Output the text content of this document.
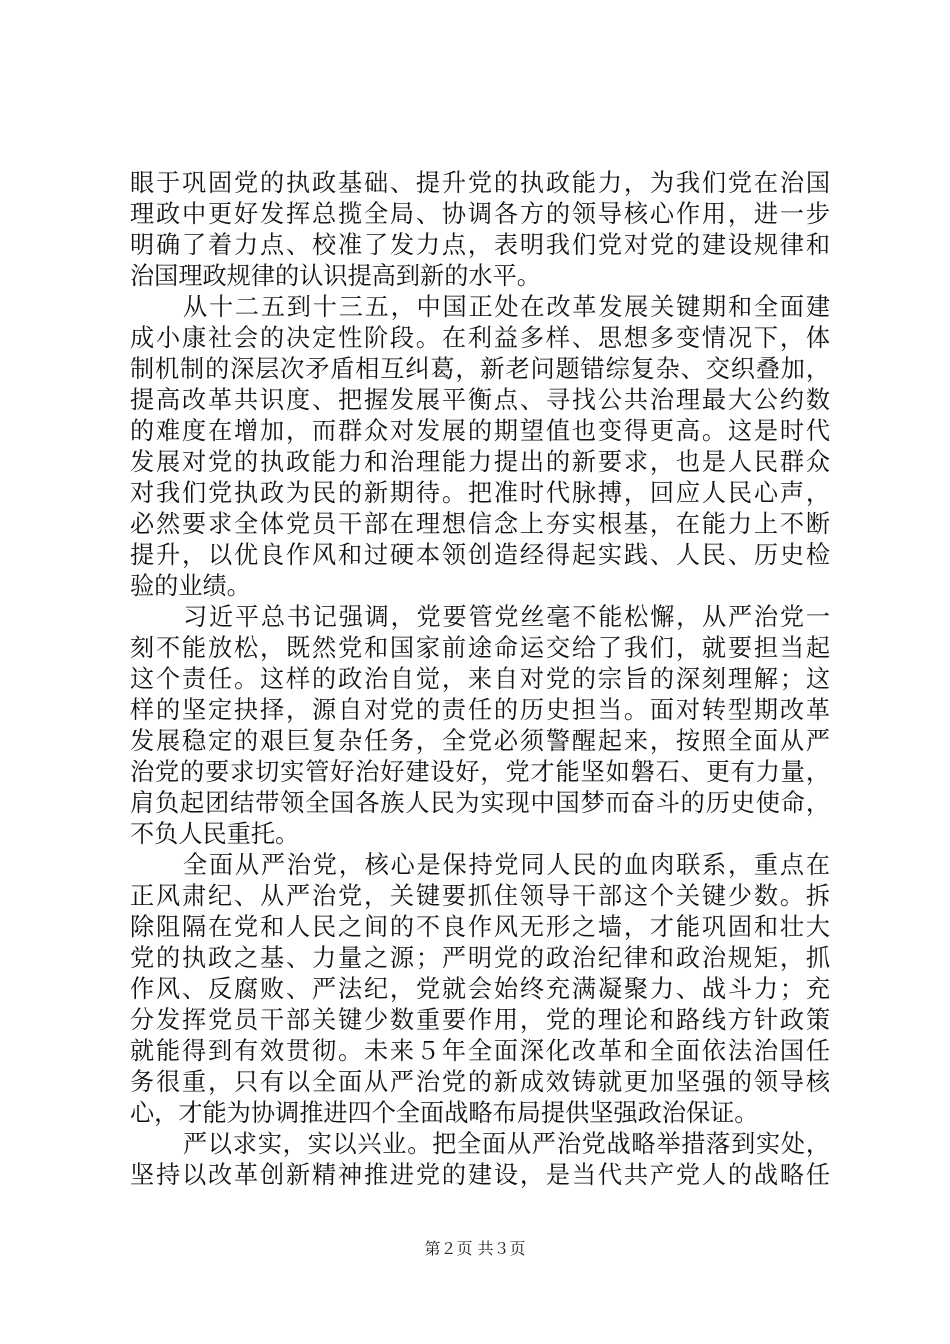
眼于巩固党的执政基础、提升党的执政能力，为我们党在治国
理政中更好发挥总揽全局、协调各方的领导核心作用，进一步
明确了着力点、校准了发力点，表明我们党对党的建设规律和
治国理政规律的认识提高到新的水平。
从十二五到十三五，中国正处在改革发展关键期和全面建
成小康社会的决定性阶段。在利益多样、思想多变情况下，体
制机制的深层次矛盾相互纠葛，新老问题错综复杂、交织叠加，
提高改革共识度、把握发展平衡点、寻找公共治理最大公约数
的难度在增加，而群众对发展的期望值也变得更高。这是时代
发展对党的执政能力和治理能力提出的新要求，也是人民群众
对我们党执政为民的新期待。把准时代脉搏，回应人民心声，
必然要求全体党员干部在理想信念上夯实根基，在能力上不断
提升，以优良作风和过硬本领创造经得起实践、人民、历史检
验的业绩。
习近平总书记强调，党要管党丝毫不能松懈，从严治党一
刻不能放松，既然党和国家前途命运交给了我们，就要担当起
这个责任。这样的政治自觉，来自对党的宗旨的深刻理解；这
样的坚定抉择，源自对党的责任的历史担当。面对转型期改革
发展稳定的艰巨复杂任务，全党必须警醒起来，按照全面从严
治党的要求切实管好治好建设好，党才能坚如磐石、更有力量，
肩负起团结带领全国各族人民为实现中国梦而奋斗的历史使命，
不负人民重托。
全面从严治党，核心是保持党同人民的血肉联系，重点在
正风肃纪、从严治党，关键要抓住领导干部这个关键少数。拆
除阻隔在党和人民之间的不良作风无形之墙，才能巩固和壮大
党的执政之基、力量之源；严明党的政治纪律和政治规矩，抓
作风、反腐败、严法纪，党就会始终充满凝聚力、战斗力；充
分发挥党员干部关键少数重要作用，党的理论和路线方针政策
就能得到有效贯彻。未来５年全面深化改革和全面依法治国任
务很重，只有以全面从严治党的新成效铸就更加坚强的领导核
心，才能为协调推进四个全面战略布局提供坚强政治保证。
严以求实，实以兴业。把全面从严治党战略举措落到实处，
坚持以改革创新精神推进党的建设，是当代共产党人的战略任
第２页 共３页
